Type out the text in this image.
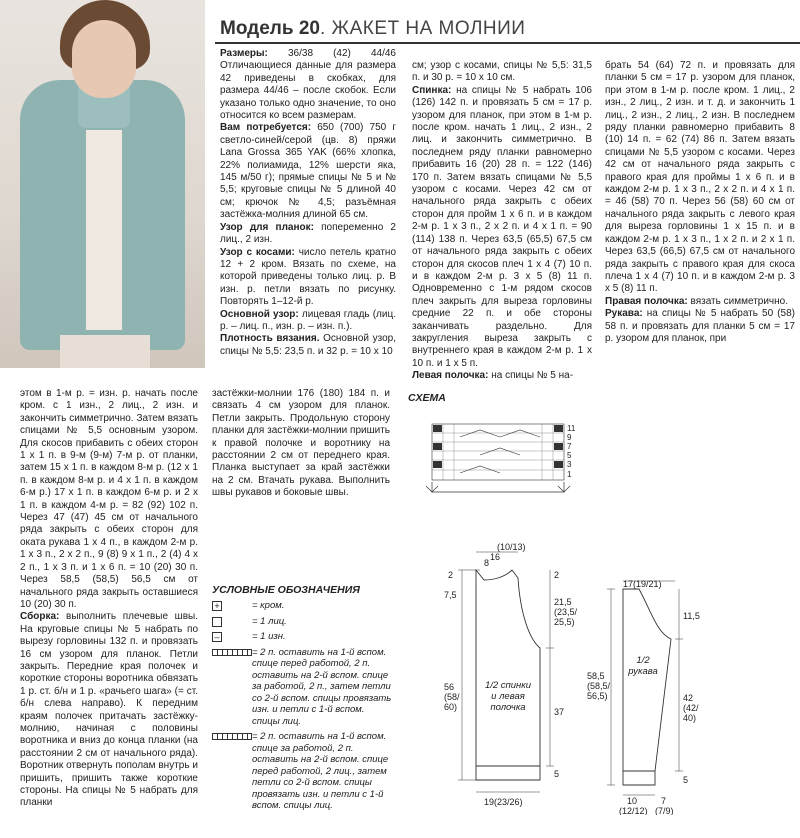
Модель 20. ЖАКЕТ НА МОЛНИИ

Размеры: 36/38 (42) 44/46 Отличающиеся данные для размера 42 приведены в скобках, для размера 44/46 – после скобок. Если указано только одно значение, то оно относится ко всем размерам.

Вам потребуется: 650 (700) 750 г светло-синей/серой (цв. 8) пряжи Lana Grossa 365 YAK (66% хлопка, 22% полиамида, 12% шерсти яка, 145 м/50 г); прямые спицы № 5 и № 5,5; круговые спицы № 5 длиной 40 см; крючок № 4,5; разъёмная застёжка-молния длиной 65 см.

Узор для планок: попеременно 2 лиц., 2 изн.

Узор с косами: число петель кратно 12 + 2 кром. Вязать по схеме, на которой приведены только лиц. р. В изн. р. петли вязать по рисунку. Повторять 1–12-й р.

Основной узор: лицевая гладь (лиц. р. – лиц. п., изн. р. – изн. п.).

Плотность вязания. Основной узор, спицы № 5,5: 23,5 п. и 32 р. = 10 х 10

см; узор с косами, спицы № 5,5: 31,5 п. и 30 р. = 10 х 10 см.

Спинка: на спицы № 5 набрать 106 (126) 142 п. и провязать 5 см = 17 р. узором для планок, при этом в 1-м р. после кром. начать 1 лиц., 2 изн., 2 лиц. и закончить симметрично. В последнем ряду планки равномерно прибавить 16 (20) 28 п. = 122 (146) 170 п. Затем вязать спицами № 5,5 узором с косами. Через 42 см от начального ряда закрыть с обеих сторон для пройм 1 х 6 п. и в каждом 2-м р. 1 х 3 п., 2 х 2 п. и 4 х 1 п. = 90 (114) 138 п. Через 63,5 (65,5) 67,5 см от начального ряда закрыть с обеих сторон для скосов плеч 1 х 4 (7) 10 п. и в каждом 2-м р. 3 х 5 (8) 11 п. Одновременно с 1-м рядом скосов плеч закрыть для выреза горловины средние 22 п. и обе стороны заканчивать раздельно. Для закругления выреза закрыть с внутреннего края в каждом 2-м р. 1 х 10 п. и 1 х 5 п.

Левая полочка: на спицы № 5 на-

брать 54 (64) 72 п. и провязать для планки 5 см = 17 р. узором для планок, при этом в 1-м р. после кром. 1 лиц., 2 изн., 2 лиц., 2 изн. и т. д. и закончить 1 лиц., 2 изн., 2 лиц., 2 изн. В последнем ряду планки равномерно прибавить 8 (10) 14 п. = 62 (74) 86 п. Затем вязать спицами № 5,5 узором с косами. Через 42 см от начального ряда закрыть с правого края для проймы 1 х 6 п. и в каждом 2-м р. 1 х 3 п., 2 х 2 п. и 4 х 1 п. = 46 (58) 70 п. Через 56 (58) 60 см от начального ряда закрыть с левого края для выреза горловины 1 х 15 п. и в каждом 2-м р. 1 х 3 п., 1 х 2 п. и 2 х 1 п. Через 63,5 (66,5) 67,5 см от начального ряда закрыть с правого края для скоса плеча 1 х 4 (7) 10 п. и в каждом 2-м р. 3 х 5 (8) 11 п.

Правая полочка: вязать симметрично.

Рукава: на спицы № 5 набрать 50 (58) 58 п. и провязать для планки 5 см = 17 р. узором для планок, при

этом в 1-м р. = изн. р. начать после кром. с 1 изн., 2 лиц., 2 изн. и закончить симметрично. Затем вязать спицами № 5,5 основным узором. Для скосов прибавить с обеих сторон 1 х 1 п. в 9-м (9-м) 7-м р. от планки, затем 15 х 1 п. в каждом 8-м р. (12 х 1 п. в каждом 8-м р. и 4 х 1 п. в каждом 6-м р.) 17 х 1 п. в каждом 6-м р. и 2 х 1 п. в каждом 4-м р. = 82 (92) 102 п. Через 47 (47) 45 см от начального ряда закрыть с обеих сторон для оката рукава 1 х 4 п., в каждом 2-м р. 1 х 3 п., 2 х 2 п., 9 (8) 9 х 1 п., 2 (4) 4 х 2 п., 1 х 3 п. и 1 х 6 п. = 10 (20) 30 п. Через 58,5 (58,5) 56,5 см от начального ряда закрыть оставшиеся 10 (20) 30 п.

Сборка: выполнить плечевые швы. На круговые спицы № 5 набрать по вырезу горловины 132 п. и провязать 16 см узором для планок. Петли закрыть. Передние края полочек и короткие стороны воротника обвязать 1 р. ст. б/н и 1 р. «рачьего шага» (= ст. б/н слева направо). К передним краям полочек притачать застёжку-молнию, начиная с половины воротника и вниз до конца планки (на расстоянии 2 см от начального ряда). Воротник отвернуть пополам внутрь и пришить, пришить также короткие стороны. На спицы № 5 набрать для планки

застёжки-молнии 176 (180) 184 п. и связать 4 см узором для планок. Петли закрыть. Продольную сторону планки для застёжки-молнии пришить к правой полочке и воротнику на расстоянии 2 см от переднего края. Планка выступает за край застёжки на 2 см. Втачать рукава. Выполнить швы рукавов и боковые швы.

СХЕМА
11
9
7
5
3
1
УСЛОВНЫЕ ОБОЗНАЧЕНИЯ
+	= кром.
= 1 лиц.
–	= 1 изн.
= 2 п. оставить на 1-й вспом. спице перед работой, 2 п. оставить на 2-й вспом. спице за работой, 2 п., затем петли со 2-й вспом. спицы провязать изн. и петли с 1-й вспом. спицы лиц.
= 2 п. оставить на 1-й вспом. спице за работой, 2 п. оставить на 2-й вспом. спице перед работой, 2 лиц., затем петли со 2-й вспом. спицы провязать изн. и петли с 1-й вспом. спицы лиц.
(10/13)
16
8
2
7,5
2
21,5
(23,5/
25,5)
56
(58/
60)	37
5
19(23/26)
1/2 спинки
и левая
полочка
17(19/21)
11,5
58,5
(58,5/
56,5)	42
(42/
40)
5
10
(12/12)
7
(7/9)
1/2
рукава
